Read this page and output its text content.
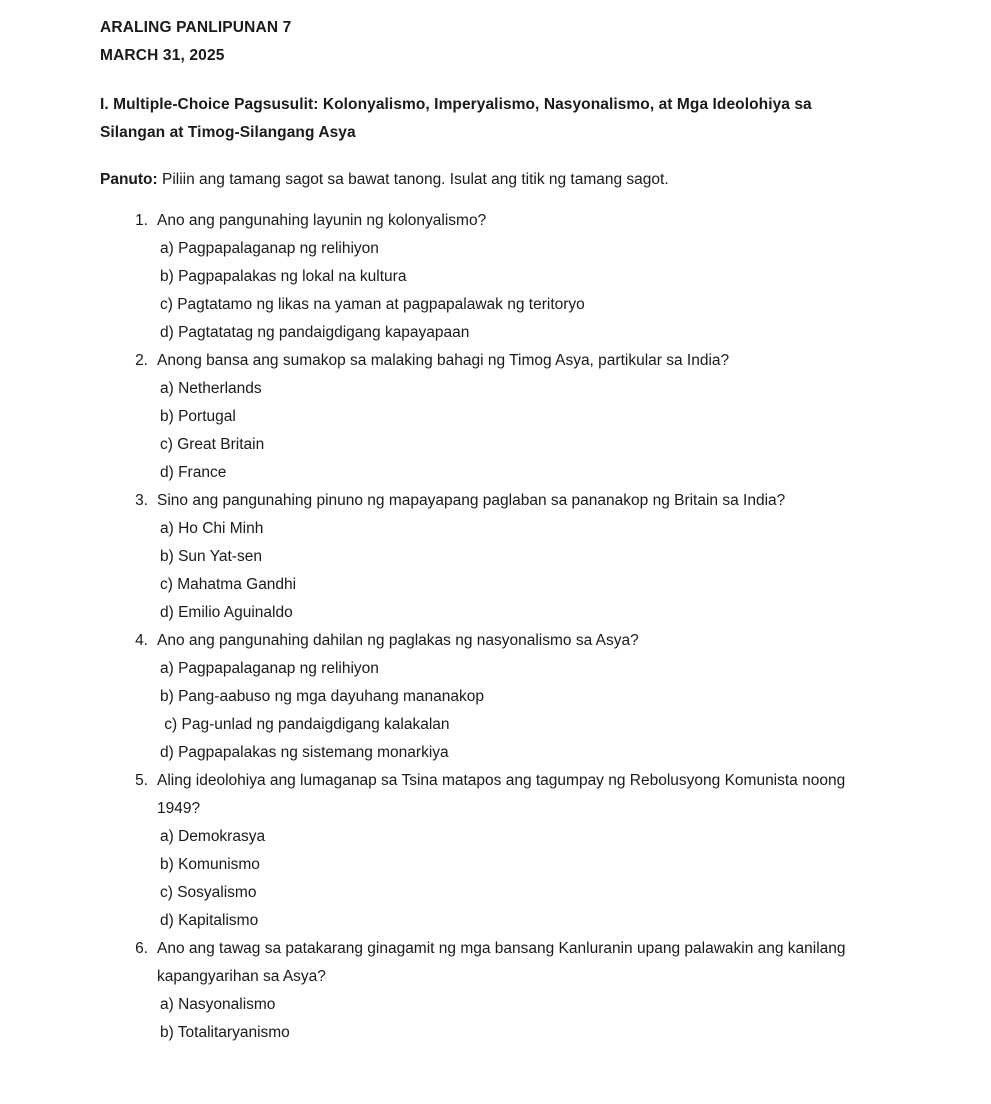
ARALING PANLIPUNAN 7
MARCH 31, 2025
I. Multiple-Choice Pagsusulit: Kolonyalismo, Imperyalismo, Nasyonalismo, at Mga Ideolohiya sa Silangan at Timog-Silangang Asya
Panuto: Piliin ang tamang sagot sa bawat tanong. Isulat ang titik ng tamang sagot.
1. Ano ang pangunahing layunin ng kolonyalismo?
a) Pagpapalaganap ng relihiyon
b) Pagpapalakas ng lokal na kultura
c) Pagtatamo ng likas na yaman at pagpapalawak ng teritoryo
d) Pagtatatag ng pandaigdigang kapayapaan
2. Anong bansa ang sumakop sa malaking bahagi ng Timog Asya, partikular sa India?
a) Netherlands
b) Portugal
c) Great Britain
d) France
3. Sino ang pangunahing pinuno ng mapayapang paglaban sa pananakop ng Britain sa India?
a) Ho Chi Minh
b) Sun Yat-sen
c) Mahatma Gandhi
d) Emilio Aguinaldo
4. Ano ang pangunahing dahilan ng paglakas ng nasyonalismo sa Asya?
a) Pagpapalaganap ng relihiyon
b) Pang-aabuso ng mga dayuhang mananakop
c) Pag-unlad ng pandaigdigang kalakalan
d) Pagpapalakas ng sistemang monarkiya
5. Aling ideolohiya ang lumaganap sa Tsina matapos ang tagumpay ng Rebolusyong Komunista noong 1949?
a) Demokrasya
b) Komunismo
c) Sosyalismo
d) Kapitalismo
6. Ano ang tawag sa patakarang ginagamit ng mga bansang Kanluranin upang palawakin ang kanilang kapangyarihan sa Asya?
a) Nasyonalismo
b) Totalitaryanismo
